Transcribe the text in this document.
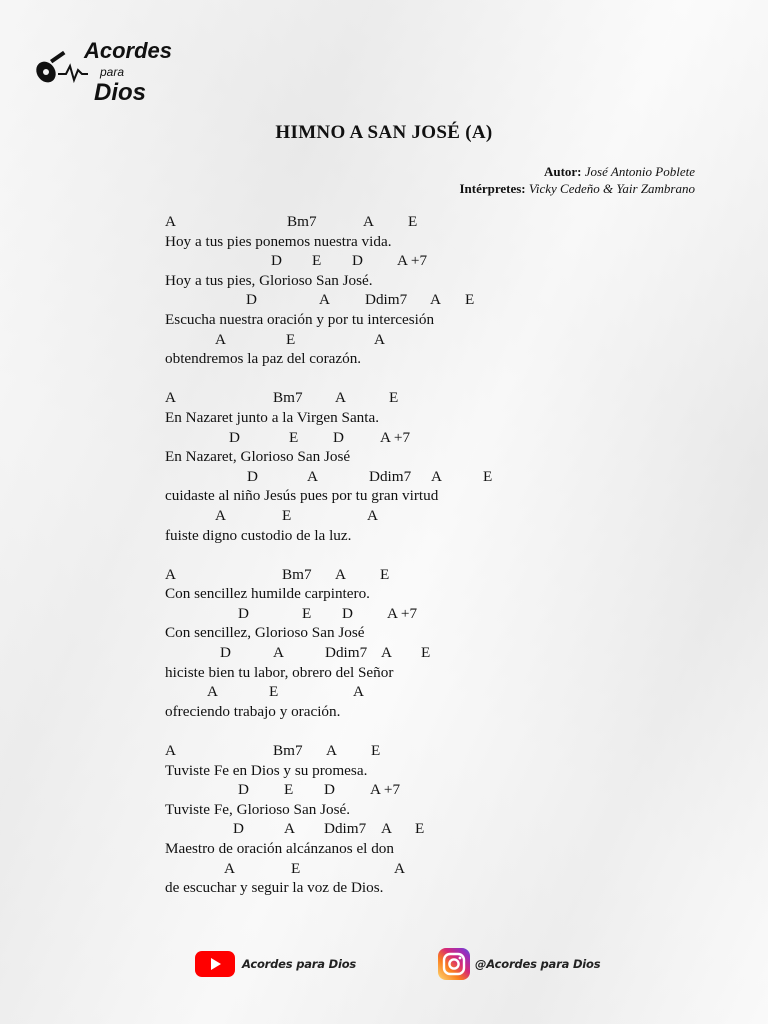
Acordes
para
Dios
HIMNO A SAN JOSÉ (A)
Autor: José Antonio Poblete
Intérpretes: Vicky Cedeño & Yair Zambrano
A	Bm7	A E
Hoy a tus pies ponemos nuestra vida.
D E D A +7
Hoy a tus pies, Glorioso San José.
D	A Ddim7 A E
Escucha nuestra oración y por tu intercesión
A	E	A
obtendremos la paz del corazón.
A	Bm7 A	E
En Nazaret junto a la Virgen Santa.
D	E D A +7
En Nazaret, Glorioso San José
D	A	Ddim7 A	E
cuidaste al niño Jesús pues por tu gran virtud
A	E	A
fuiste digno custodio de la luz.
A	Bm7 A E
Con sencillez humilde carpintero.
D	E D A +7
Con sencillez, Glorioso San José
D	A	Ddim7 A E
hiciste bien tu labor, obrero del Señor
A	E	A
ofreciendo trabajo y oración.
A	Bm7 A E
Tuviste Fe en Dios y su promesa.
D E D A +7
Tuviste Fe, Glorioso San José.
D	A Ddim7 A E
Maestro de oración alcánzanos el don
A	E	A
de escuchar y seguir la voz de Dios.
Acordes para Dios	@Acordes para Dios
